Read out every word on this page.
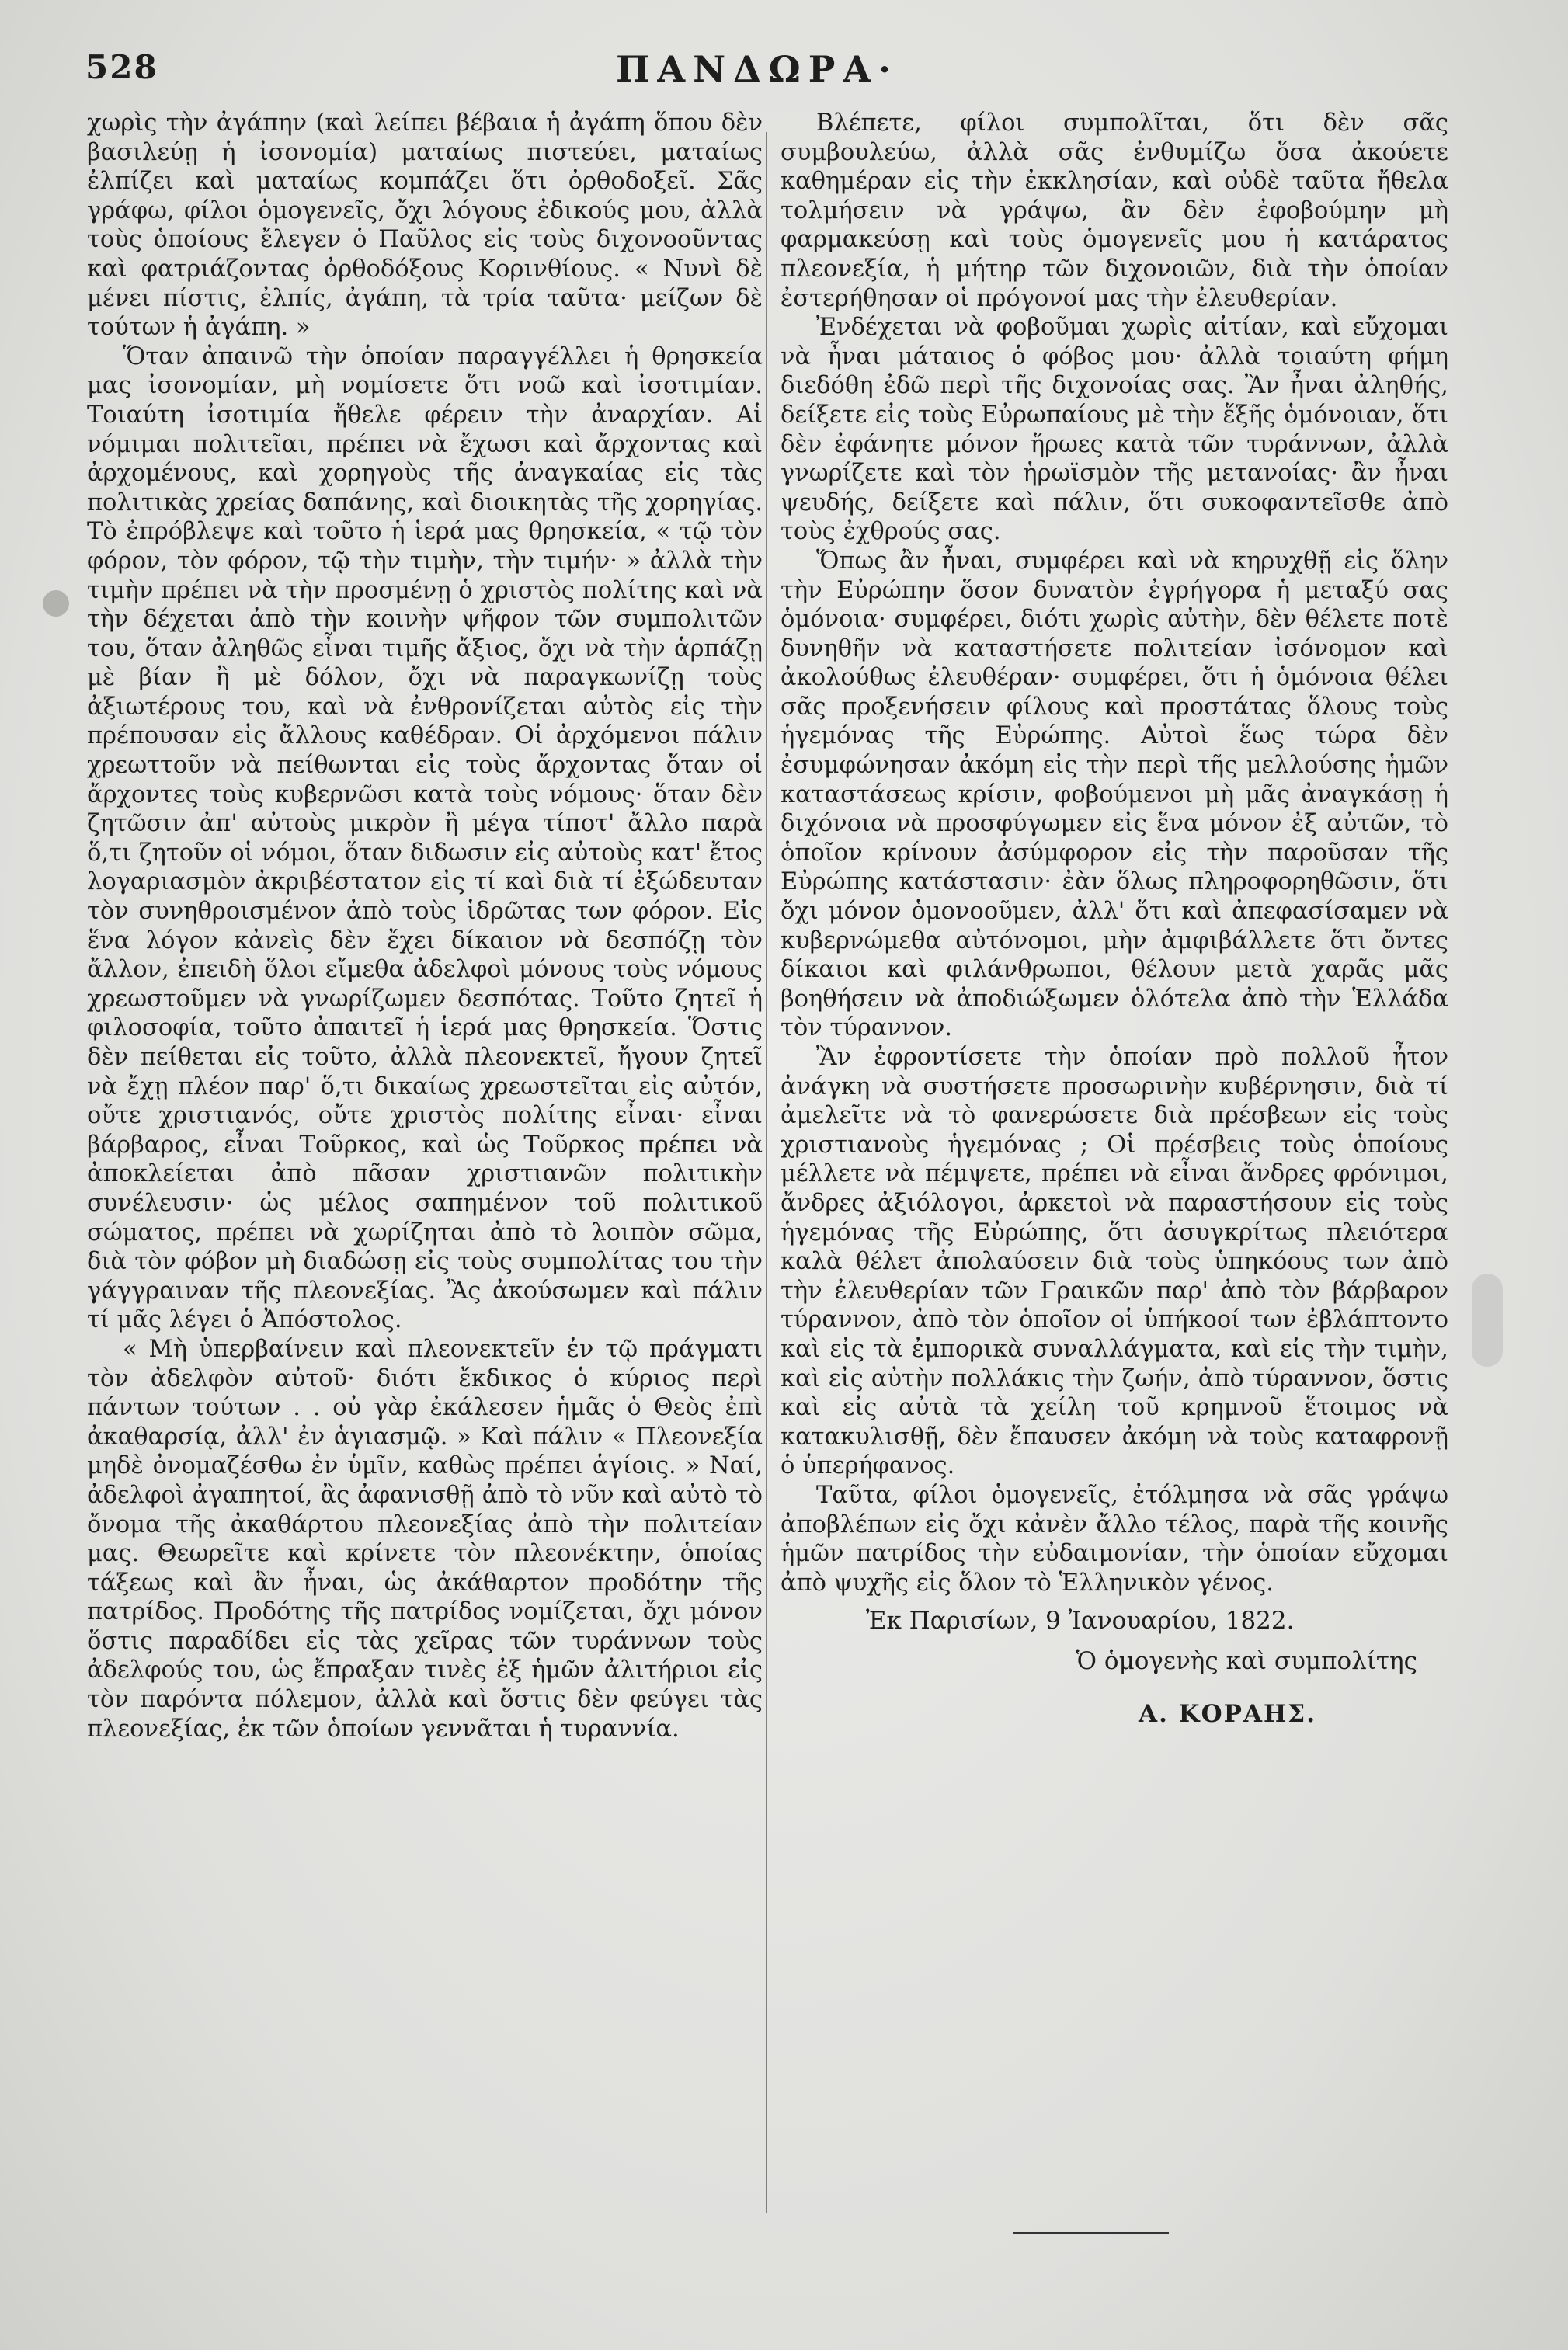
528	ΠΑΝΔΩΡΑ·

χωρὶς τὴν ἀγάπην (καὶ λείπει βέβαια ἡ ἀγάπη ὅπου δὲν βασιλεύῃ ἡ ἰσονομία) ματαίως πιστεύει, ματαίως ἐλπίζει καὶ ματαίως κομπάζει ὅτι ὀρθοδοξεῖ. Σᾶς γράφω, φίλοι ὁμογενεῖς, ὄχι λόγους ἐδικούς μου, ἀλλὰ τοὺς ὁποίους ἔλεγεν ὁ Παῦλος εἰς τοὺς διχονοοῦντας καὶ φατριάζοντας ὀρθοδόξους Κορινθίους. « Νυνὶ δὲ μένει πίστις, ἐλπίς, ἀγάπη, τὰ τρία ταῦτα· μείζων δὲ τούτων ἡ ἀγάπη. »

Ὅταν ἀπαινῶ τὴν ὁποίαν παραγγέλλει ἡ θρησκεία μας ἰσονομίαν, μὴ νομίσετε ὅτι νοῶ καὶ ἰσοτιμίαν. Τοιαύτη ἰσοτιμία ἤθελε φέρειν τὴν ἀναρχίαν. Αἱ νόμιμαι πολιτεῖαι, πρέπει νὰ ἔχωσι καὶ ἄρχοντας καὶ ἀρχομένους, καὶ χορηγοὺς τῆς ἀναγκαίας εἰς τὰς πολιτικὰς χρείας δαπάνης, καὶ διοικητὰς τῆς χορηγίας. Τὸ ἐπρόβλεψε καὶ τοῦτο ἡ ἱερά μας θρησκεία, « τῷ τὸν φόρον, τὸν φόρον, τῷ τὴν τιμὴν, τὴν τιμήν· » ἀλλὰ τὴν τιμὴν πρέπει νὰ τὴν προσμένῃ ὁ χριστὸς πολίτης καὶ νὰ τὴν δέχεται ἀπὸ τὴν κοινὴν ψῆφον τῶν συμπολιτῶν του, ὅταν ἀληθῶς εἶναι τιμῆς ἄξιος, ὄχι νὰ τὴν ἁρπάζῃ μὲ βίαν ἢ μὲ δόλον, ὄχι νὰ παραγκωνίζῃ τοὺς ἀξιωτέρους του, καὶ νὰ ἐνθρονίζεται αὐτὸς εἰς τὴν πρέπουσαν εἰς ἄλλους καθέδραν. Οἱ ἀρχόμενοι πάλιν χρεωττοῦν νὰ πείθωνται εἰς τοὺς ἄρχοντας ὅταν οἱ ἄρχοντες τοὺς κυβερνῶσι κατὰ τοὺς νόμους· ὅταν δὲν ζητῶσιν ἀπ' αὐτοὺς μικρὸν ἢ μέγα τίποτ' ἄλλο παρὰ ὅ,τι ζητοῦν οἱ νόμοι, ὅταν διδωσιν εἰς αὐτοὺς κατ' ἔτος λογαριασμὸν ἀκριβέστατον εἰς τί καὶ διὰ τί ἐξώδευταν τὸν συνηθροισμένον ἀπὸ τοὺς ἱδρῶτας των φόρον. Εἰς ἕνα λόγον κἀνεὶς δὲν ἔχει δίκαιον νὰ δεσπόζῃ τὸν ἄλλον, ἐπειδὴ ὅλοι εἴμεθα ἀδελφοὶ μόνους τοὺς νόμους χρεωστοῦμεν νὰ γνωρίζωμεν δεσπότας. Τοῦτο ζητεῖ ἡ φιλοσοφία, τοῦτο ἀπαιτεῖ ἡ ἱερά μας θρησκεία. Ὅστις δὲν πείθεται εἰς τοῦτο, ἀλλὰ πλεονεκτεῖ, ἤγουν ζητεῖ νὰ ἔχῃ πλέον παρ' ὅ,τι δικαίως χρεωστεῖται εἰς αὐτόν, οὔτε χριστιανός, οὔτε χριστὸς πολίτης εἶναι· εἶναι βάρβαρος, εἶναι Τοῦρκος, καὶ ὡς Τοῦρκος πρέπει νὰ ἀποκλείεται ἀπὸ πᾶσαν χριστιανῶν πολιτικὴν συνέλευσιν· ὡς μέλος σαπημένον τοῦ πολιτικοῦ σώματος, πρέπει νὰ χωρίζηται ἀπὸ τὸ λοιπὸν σῶμα, διὰ τὸν φόβον μὴ διαδώσῃ εἰς τοὺς συμπολίτας του τὴν γάγγραιναν τῆς πλεονεξίας. Ἂς ἀκούσωμεν καὶ πάλιν τί μᾶς λέγει ὁ Ἀπόστολος.

« Μὴ ὑπερβαίνειν καὶ πλεονεκτεῖν ἐν τῷ πράγματι τὸν ἀδελφὸν αὐτοῦ· διότι ἔκδικος ὁ κύριος περὶ πάντων τούτων . . οὐ γὰρ ἐκάλεσεν ἡμᾶς ὁ Θεὸς ἐπὶ ἀκαθαρσίᾳ, ἀλλ' ἐν ἁγιασμῷ. » Καὶ πάλιν « Πλεονεξία μηδὲ ὀνομαζέσθω ἐν ὑμῖν, καθὼς πρέπει ἁγίοις. » Ναί, ἀδελφοὶ ἀγαπητοί, ἂς ἀφανισθῇ ἀπὸ τὸ νῦν καὶ αὐτὸ τὸ ὄνομα τῆς ἀκαθάρτου πλεονεξίας ἀπὸ τὴν πολιτείαν μας. Θεωρεῖτε καὶ κρίνετε τὸν πλεονέκτην, ὁποίας τάξεως καὶ ἂν ἦναι, ὡς ἀκάθαρτον προδότην τῆς πατρίδος. Προδότης τῆς πατρίδος νομίζεται, ὄχι μόνον ὅστις παραδίδει εἰς τὰς χεῖρας τῶν τυράννων τοὺς ἀδελφούς του, ὡς ἔπραξαν τινὲς ἐξ ἡμῶν ἀλιτήριοι εἰς τὸν παρόντα πόλεμον, ἀλλὰ καὶ ὅστις δὲν φεύγει τὰς πλεονεξίας, ἐκ τῶν ὁποίων γεννᾶται ἡ τυραννία.

Βλέπετε, φίλοι συμπολῖται, ὅτι δὲν σᾶς συμβουλεύω, ἀλλὰ σᾶς ἐνθυμίζω ὅσα ἀκούετε καθημέραν εἰς τὴν ἐκκλησίαν, καὶ οὐδὲ ταῦτα ἤθελα τολμήσειν νὰ γράψω, ἂν δὲν ἐφοβούμην μὴ φαρμακεύσῃ καὶ τοὺς ὁμογενεῖς μου ἡ κατάρατος πλεονεξία, ἡ μήτηρ τῶν διχονοιῶν, διὰ τὴν ὁποίαν ἐστερήθησαν οἱ πρόγονοί μας τὴν ἐλευθερίαν.

Ἐνδέχεται νὰ φοβοῦμαι χωρὶς αἰτίαν, καὶ εὔχομαι νὰ ἦναι μάταιος ὁ φόβος μου· ἀλλὰ τοιαύτη φήμη διεδόθη ἐδῶ περὶ τῆς διχονοίας σας. Ἂν ἦναι ἀληθής, δείξετε εἰς τοὺς Εὐρωπαίους μὲ τὴν ἕξῆς ὁμόνοιαν, ὅτι δὲν ἐφάνητε μόνον ἥρωες κατὰ τῶν τυράννων, ἀλλὰ γνωρίζετε καὶ τὸν ἡρωϊσμὸν τῆς μετανοίας· ἂν ἦναι ψευδής, δείξετε καὶ πάλιν, ὅτι συκοφαντεῖσθε ἀπὸ τοὺς ἐχθρούς σας.

Ὅπως ἂν ἦναι, συμφέρει καὶ νὰ κηρυχθῇ εἰς ὅλην τὴν Εὐρώπην ὅσον δυνατὸν ἐγρήγορα ἡ μεταξύ σας ὁμόνοια· συμφέρει, διότι χωρὶς αὐτὴν, δὲν θέλετε ποτὲ δυνηθῆν νὰ καταστήσετε πολιτείαν ἰσόνομον καὶ ἀκολούθως ἐλευθέραν· συμφέρει, ὅτι ἡ ὁμόνοια θέλει σᾶς προξενήσειν φίλους καὶ προστάτας ὅλους τοὺς ἡγεμόνας τῆς Εὐρώπης. Αὐτοὶ ἕως τώρα δὲν ἐσυμφώνησαν ἀκόμη εἰς τὴν περὶ τῆς μελλούσης ἡμῶν καταστάσεως κρίσιν, φοβούμενοι μὴ μᾶς ἀναγκάσῃ ἡ διχόνοια νὰ προσφύγωμεν εἰς ἕνα μόνον ἐξ αὐτῶν, τὸ ὁποῖον κρίνουν ἀσύμφορον εἰς τὴν παροῦσαν τῆς Εὐρώπης κατάστασιν· ἐὰν ὅλως πληροφορηθῶσιν, ὅτι ὄχι μόνον ὁμονοοῦμεν, ἀλλ' ὅτι καὶ ἀπεφασίσαμεν νὰ κυβερνώμεθα αὐτόνομοι, μὴν ἀμφιβάλλετε ὅτι ὄντες δίκαιοι καὶ φιλάνθρωποι, θέλουν μετὰ χαρᾶς μᾶς βοηθήσειν νὰ ἀποδιώξωμεν ὁλότελα ἀπὸ τὴν Ἑλλάδα τὸν τύραννον.

Ἂν ἐφροντίσετε τὴν ὁποίαν πρὸ πολλοῦ ἦτον ἀνάγκη νὰ συστήσετε προσωρινὴν κυβέρνησιν, διὰ τί ἀμελεῖτε νὰ τὸ φανερώσετε διὰ πρέσβεων εἰς τοὺς χριστιανοὺς ἡγεμόνας ; Οἱ πρέσβεις τοὺς ὁποίους μέλλετε νὰ πέμψετε, πρέπει νὰ εἶναι ἄνδρες φρόνιμοι, ἄνδρες ἀξιόλογοι, ἀρκετοὶ νὰ παραστήσουν εἰς τοὺς ἡγεμόνας τῆς Εὐρώπης, ὅτι ἀσυγκρίτως πλειότερα καλὰ θέλετ ἀπολαύσειν διὰ τοὺς ὑπηκόους των ἀπὸ τὴν ἐλευθερίαν τῶν Γραικῶν παρ' ἀπὸ τὸν βάρβαρον τύραννον, ἀπὸ τὸν ὁποῖον οἱ ὑπήκοοί των ἐβλάπτοντο καὶ εἰς τὰ ἐμπορικὰ συναλλάγματα, καὶ εἰς τὴν τιμὴν, καὶ εἰς αὐτὴν πολλάκις τὴν ζωήν, ἀπὸ τύραννον, ὅστις καὶ εἰς αὐτὰ τὰ χείλη τοῦ κρημνοῦ ἕτοιμος νὰ κατακυλισθῇ, δὲν ἔπαυσεν ἀκόμη νὰ τοὺς καταφρονῇ ὁ ὑπερήφανος.

Ταῦτα, φίλοι ὁμογενεῖς, ἐτόλμησα νὰ σᾶς γράψω ἀποβλέπων εἰς ὄχι κἀνὲν ἄλλο τέλος, παρὰ τῆς κοινῆς ἡμῶν πατρίδος τὴν εὐδαιμονίαν, τὴν ὁποίαν εὔχομαι ἀπὸ ψυχῆς εἰς ὅλον τὸ Ἑλληνικὸν γένος.

Ἐκ Παρισίων, 9 Ἰανουαρίου, 1822.

Ὁ ὁμογενὴς καὶ συμπολίτης

Α. ΚΟΡΑΗΣ.
